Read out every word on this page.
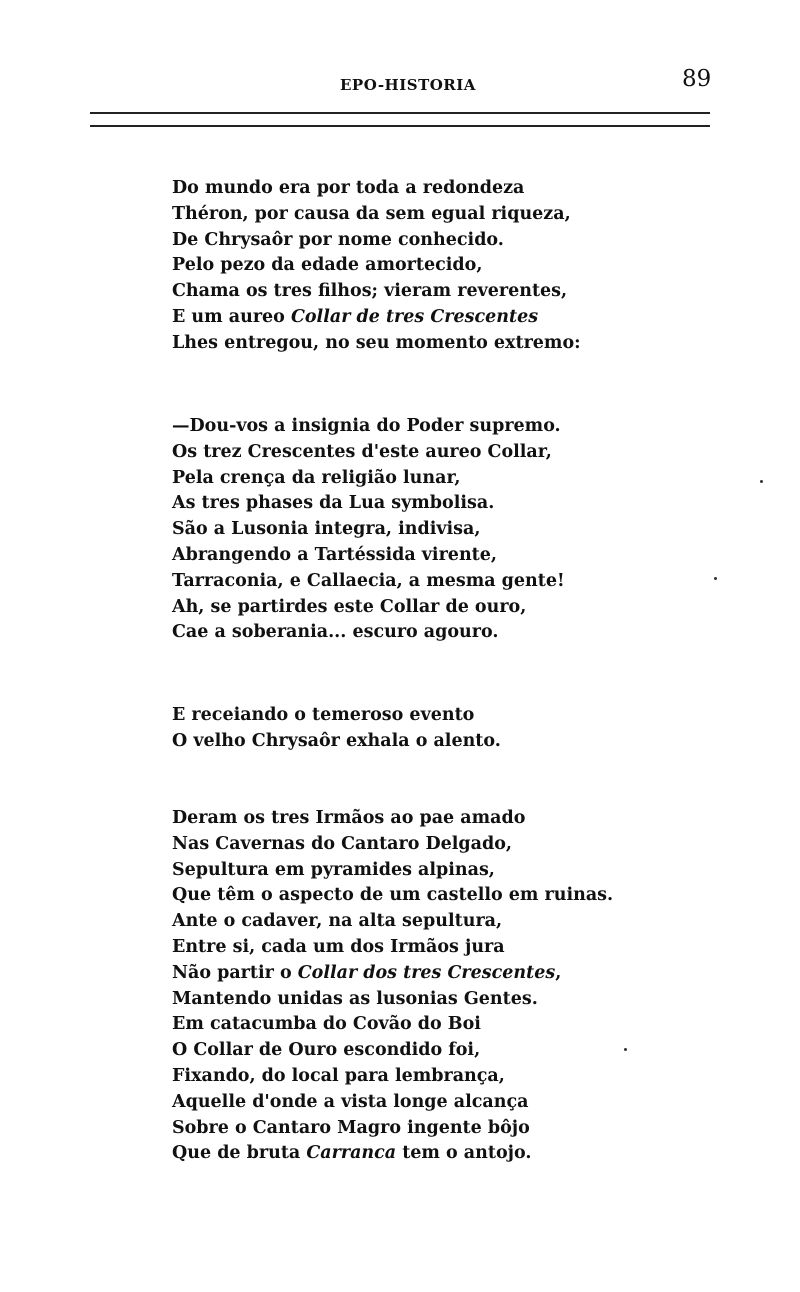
EPO-HISTORIA	89
Do mundo era por toda a redondeza
Théron, por causa da sem egual riqueza,
De Chrysaôr por nome conhecido.
Pelo pezo da edade amortecido,
Chama os tres filhos; vieram reverentes,
E um aureo Collar de tres Crescentes
Lhes entregou, no seu momento extremo:
—Dou-vos a insignia do Poder supremo.
Os trez Crescentes d'este aureo Collar,
Pela crença da religião lunar,
As tres phases da Lua symbolisa.
São a Lusonia integra, indivisa,
Abrangendo a Tartéssida virente,
Tarraconia, e Callaecia, a mesma gente!
Ah, se partirdes este Collar de ouro,
Cae a soberania... escuro agouro.
E receiando o temeroso evento
O velho Chrysaôr exhala o alento.
Deram os tres Irmãos ao pae amado
Nas Cavernas do Cantaro Delgado,
Sepultura em pyramides alpinas,
Que têm o aspecto de um castello em ruinas.
Ante o cadaver, na alta sepultura,
Entre si, cada um dos Irmãos jura
Não partir o Collar dos tres Crescentes,
Mantendo unidas as lusonias Gentes.
Em catacumba do Covão do Boi
O Collar de Ouro escondido foi,
Fixando, do local para lembrança,
Aquelle d'onde a vista longe alcança
Sobre o Cantaro Magro ingente bôjo
Que de bruta Carranca tem o antojo.
